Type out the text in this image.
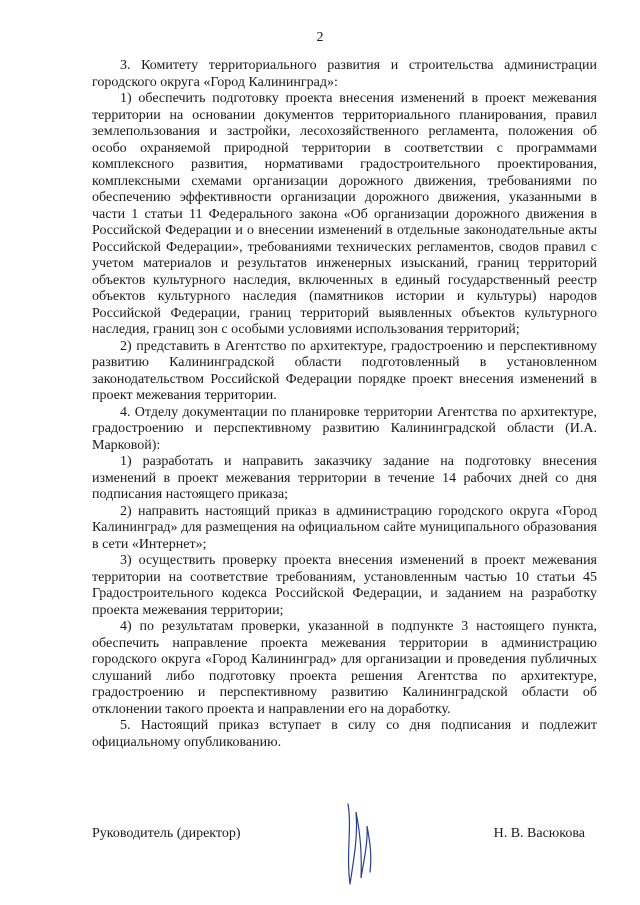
2

3. Комитету территориального развития и строительства администрации городского округа «Город Калининград»:

1) обеспечить подготовку проекта внесения изменений в проект межевания территории на основании документов территориального планирования, правил землепользования и застройки, лесохозяйственного регламента, положения об особо охраняемой природной территории в соответствии с программами комплексного развития, нормативами градостроительного проектирования, комплексными схемами организации дорожного движения, требованиями по обеспечению эффективности организации дорожного движения, указанными в части 1 статьи 11 Федерального закона «Об организации дорожного движения в Российской Федерации и о внесении изменений в отдельные законодательные акты Российской Федерации», требованиями технических регламентов, сводов правил с учетом материалов и результатов инженерных изысканий, границ территорий объектов культурного наследия, включенных в единый государственный реестр объектов культурного наследия (памятников истории и культуры) народов Российской Федерации, границ территорий выявленных объектов культурного наследия, границ зон с особыми условиями использования территорий;

2) представить в Агентство по архитектуре, градостроению и перспективному развитию Калининградской области подготовленный в установленном законодательством Российской Федерации порядке проект внесения изменений в проект межевания территории.

4. Отделу документации по планировке территории Агентства по архитектуре, градостроению и перспективному развитию Калининградской области (И.А. Марковой):

1) разработать и направить заказчику задание на подготовку внесения изменений в проект межевания территории в течение 14 рабочих дней со дня подписания настоящего приказа;

2) направить настоящий приказ в администрацию городского округа «Город Калининград» для размещения на официальном сайте муниципального образования в сети «Интернет»;

3) осуществить проверку проекта внесения изменений в проект межевания территории на соответствие требованиям, установленным частью 10 статьи 45 Градостроительного кодекса Российской Федерации, и заданием на разработку проекта межевания территории;

4) по результатам проверки, указанной в подпункте 3 настоящего пункта, обеспечить направление проекта межевания территории в администрацию городского округа «Город Калининград» для организации и проведения публичных слушаний либо подготовку проекта решения Агентства по архитектуре, градостроению и перспективному развитию Калининградской области об отклонении такого проекта и направлении его на доработку.

5. Настоящий приказ вступает в силу со дня подписания и подлежит официальному опубликованию.

Руководитель (директор)	Н. В. Васюкова
